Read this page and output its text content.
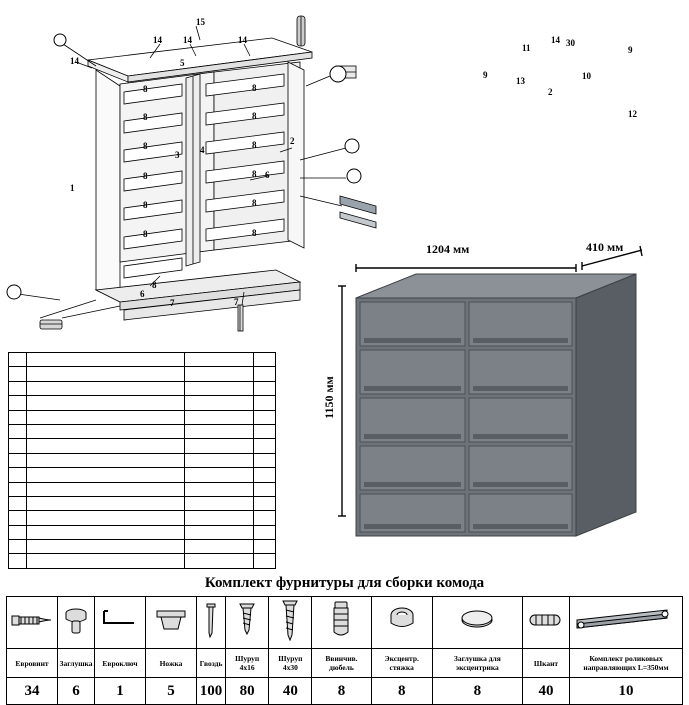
15
14 14	14
14	5
8	8
8	8
2
3 4
8	8
6
1
8	8
8	8
8	8
8
6
7	7
11
14 30
9
9
13	10
2
12

1204 мм	410 мм
1150 мм
Комплект фурнитуры для сборки комода

Евровинт	Заглушка	Евроключ	Ножка	Гвоздь	Шуруп 4х16	Шуруп 4х30	Ввинчив. дюбель	Эксцентр. стяжка	Заглушка для эксцентрика	Шкант	Комплект роликовых направляющих L=350мм
34	6	1	5	100	80	40	8	8	8	40	10
